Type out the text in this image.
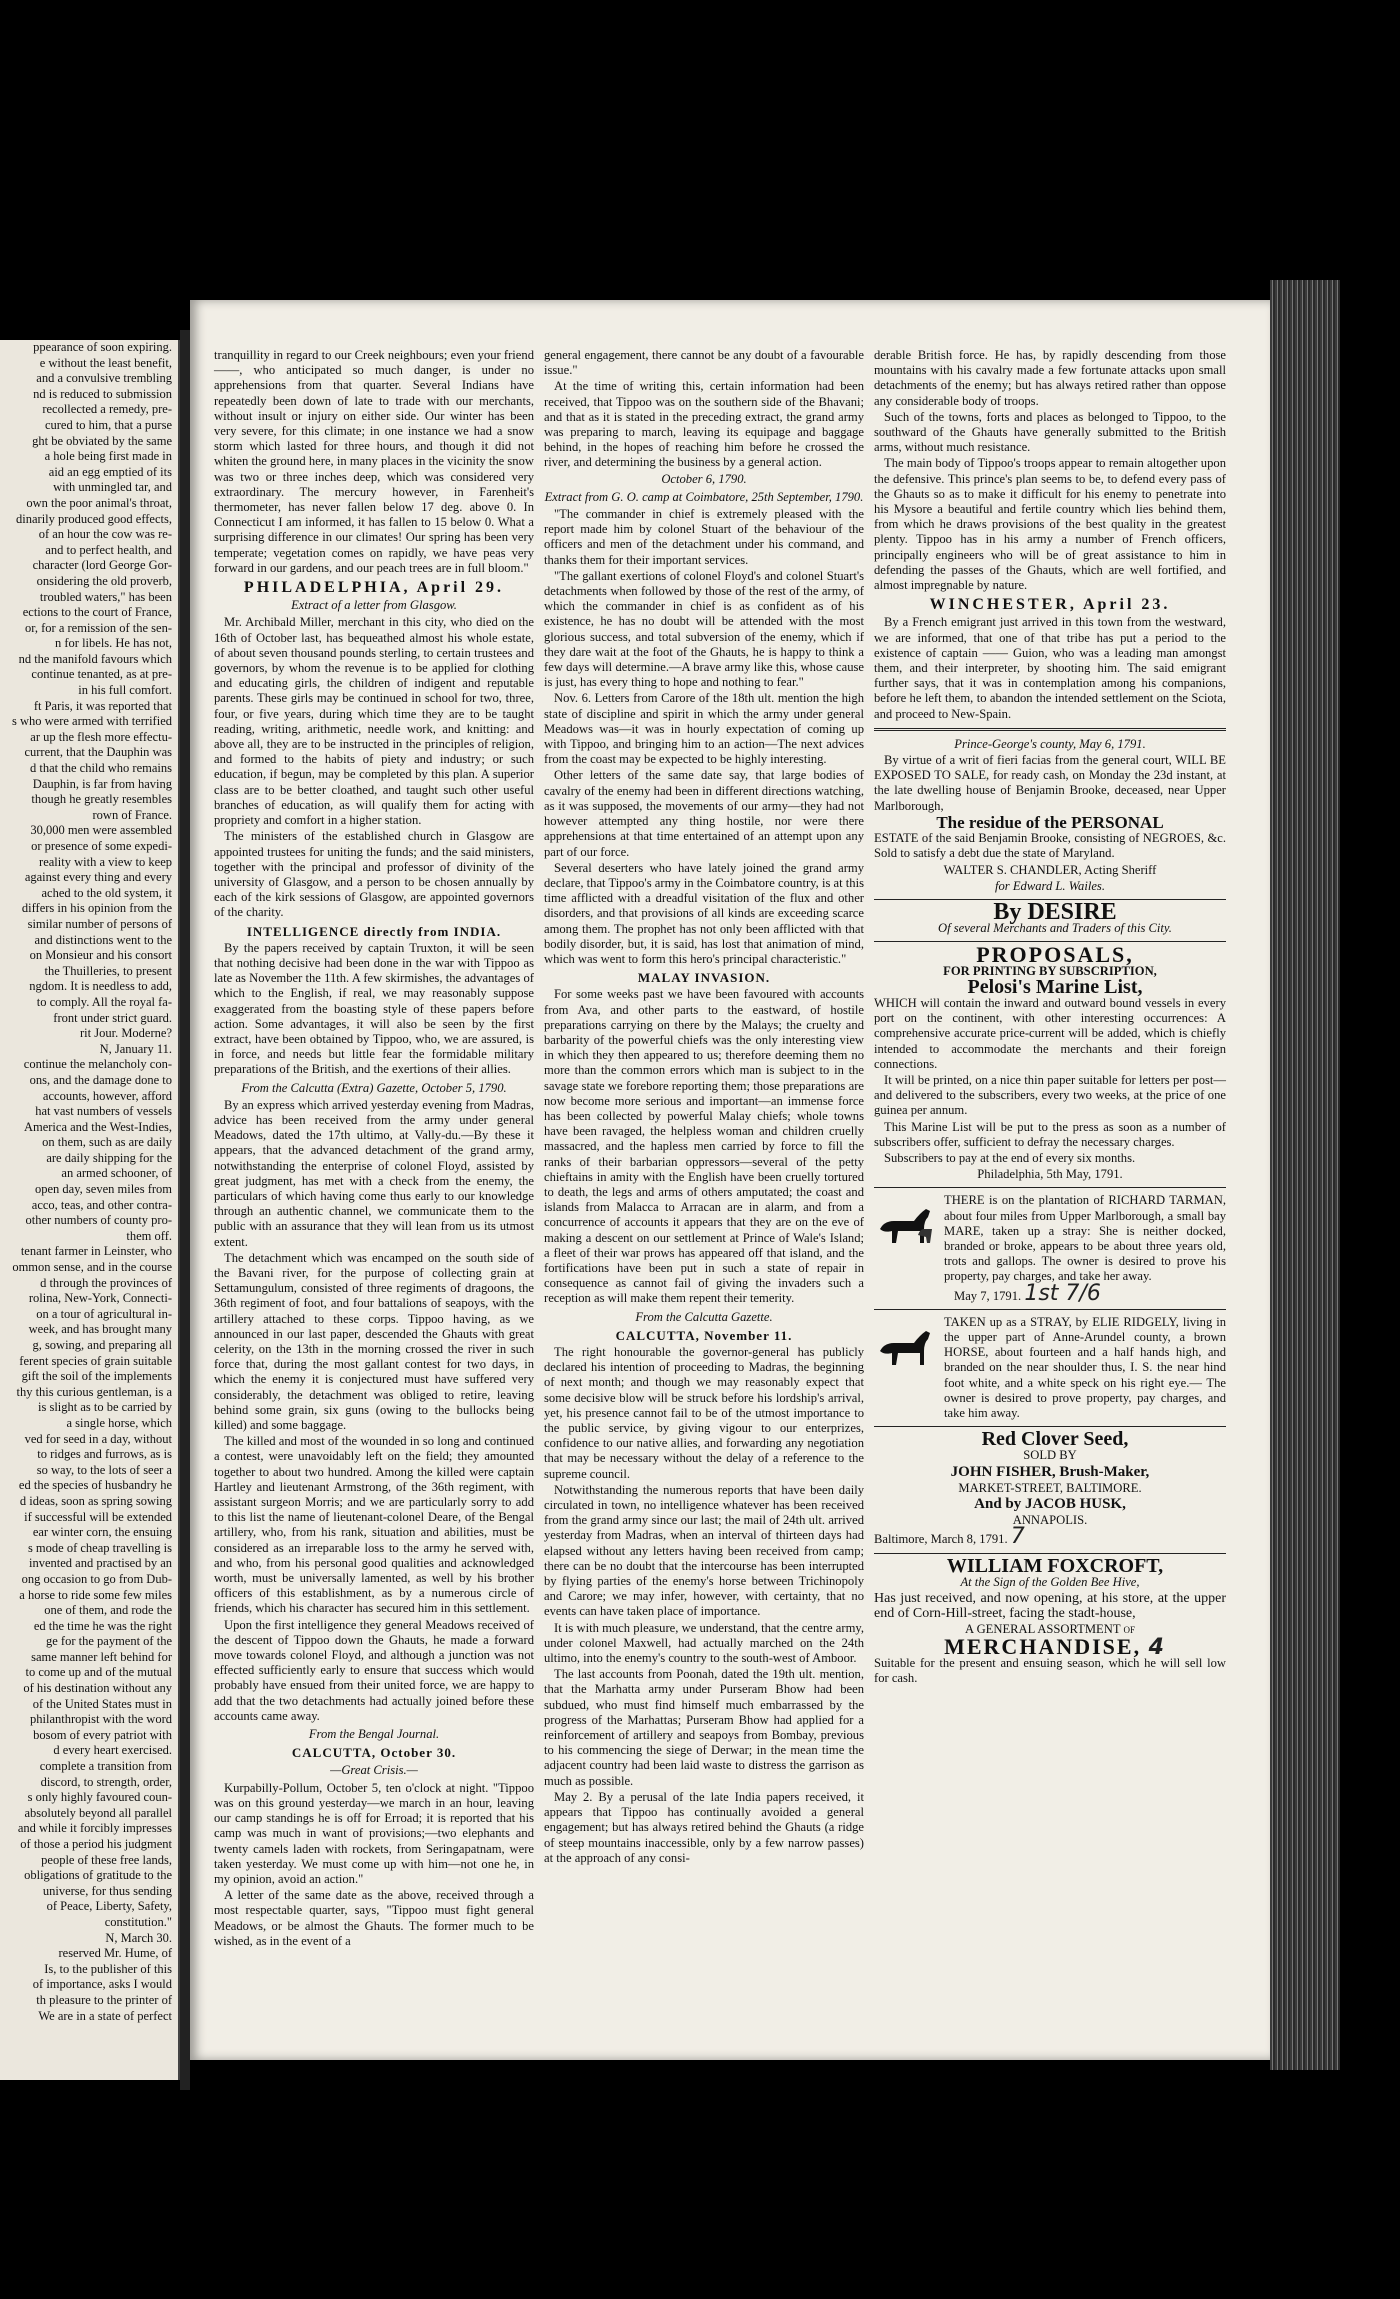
ppearance of soon expiring.

e without the least benefit,

and a convulsive trembling

nd is reduced to submission

recollected a remedy, pre-

cured to him, that a purse

ght be obviated by the same

a hole being first made in

aid an egg emptied of its

with unmingled tar, and

own the poor animal's throat,

dinarily produced good effects,

of an hour the cow was re-

and to perfect health, and

character (lord George Gor-

onsidering the old proverb,

troubled waters," has been

ections to the court of France,

or, for a remission of the sen-

n for libels. He has not,

nd the manifold favours which

continue tenanted, as at pre-

in his full comfort.

ft Paris, it was reported that

s who were armed with terrified

ar up the flesh more effectu-

current, that the Dauphin was

d that the child who remains

Dauphin, is far from having

though he greatly resembles

rown of France.

30,000 men were assembled

or presence of some expedi-

reality with a view to keep

against every thing and every

ached to the old system, it

differs in his opinion from the

similar number of persons of

and distinctions went to the

on Monsieur and his consort

the Thuilleries, to present

ngdom. It is needless to add,

to comply. All the royal fa-

front under strict guard.

rit Jour. Moderne?

N, January 11.

continue the melancholy con-

ons, and the damage done to

accounts, however, afford

hat vast numbers of vessels

America and the West-Indies,

on them, such as are daily

are daily shipping for the

an armed schooner, of

open day, seven miles from

acco, teas, and other contra-

other numbers of county pro-

them off.

tenant farmer in Leinster, who

ommon sense, and in the course

d through the provinces of

rolina, New-York, Connecti-

on a tour of agricultural in-

week, and has brought many

g, sowing, and preparing all

ferent species of grain suitable

gift the soil of the implements

thy this curious gentleman, is a

is slight as to be carried by

a single horse, which

ved for seed in a day, without

to ridges and furrows, as is

so way, to the lots of seer a

ed the species of husbandry he

d ideas, soon as spring sowing

if successful will be extended

ear winter corn, the ensuing

s mode of cheap travelling is

invented and practised by an

ong occasion to go from Dub-

a horse to ride some few miles

one of them, and rode the

ed the time he was the right

ge for the payment of the

same manner left behind for

to come up and of the mutual

of his destination without any

of the United States must in

philanthropist with the word

bosom of every patriot with

d every heart exercised.

complete a transition from

discord, to strength, order,

s only highly favoured coun-

absolutely beyond all parallel

and while it forcibly impresses

of those a period his judgment

people of these free lands,

obligations of gratitude to the

universe, for thus sending

of Peace, Liberty, Safety,

constitution."

N, March 30.

reserved Mr. Hume, of

Is, to the publisher of this

of importance, asks I would

th pleasure to the printer of

We are in a state of perfect

tranquillity in regard to our Creek neighbours; even your friend ——, who anticipated so much danger, is under no apprehensions from that quarter. Several Indians have repeatedly been down of late to trade with our merchants, without insult or injury on either side. Our winter has been very severe, for this climate; in one instance we had a snow storm which lasted for three hours, and though it did not whiten the ground here, in many places in the vicinity the snow was two or three inches deep, which was considered very extraordinary. The mercury however, in Farenheit's thermometer, has never fallen below 17 deg. above 0. In Connecticut I am informed, it has fallen to 15 below 0. What a surprising difference in our climates! Our spring has been very temperate; vegetation comes on rapidly, we have peas very forward in our gardens, and our peach trees are in full bloom."

PHILADELPHIA, April 29.
Extract of a letter from Glasgow.

Mr. Archibald Miller, merchant in this city, who died on the 16th of October last, has bequeathed almost his whole estate, of about seven thousand pounds sterling, to certain trustees and governors, by whom the revenue is to be applied for clothing and educating girls, the children of indigent and reputable parents. These girls may be continued in school for two, three, four, or five years, during which time they are to be taught reading, writing, arithmetic, needle work, and knitting: and above all, they are to be instructed in the principles of religion, and formed to the habits of piety and industry; or such education, if begun, may be completed by this plan. A superior class are to be better cloathed, and taught such other useful branches of education, as will qualify them for acting with propriety and comfort in a higher station.

The ministers of the established church in Glasgow are appointed trustees for uniting the funds; and the said ministers, together with the principal and professor of divinity of the university of Glasgow, and a person to be chosen annually by each of the kirk sessions of Glasgow, are appointed governors of the charity.

INTELLIGENCE directly from INDIA.

By the papers received by captain Truxton, it will be seen that nothing decisive had been done in the war with Tippoo as late as November the 11th. A few skirmishes, the advantages of which to the English, if real, we may reasonably suppose exaggerated from the boasting style of these papers before action. Some advantages, it will also be seen by the first extract, have been obtained by Tippoo, who, we are assured, is in force, and needs but little fear the formidable military preparations of the British, and the exertions of their allies.

From the Calcutta (Extra) Gazette, October 5, 1790.

By an express which arrived yesterday evening from Madras, advice has been received from the army under general Meadows, dated the 17th ultimo, at Vally-du.—By these it appears, that the advanced detachment of the grand army, notwithstanding the enterprise of colonel Floyd, assisted by great judgment, has met with a check from the enemy, the particulars of which having come thus early to our knowledge through an authentic channel, we communicate them to the public with an assurance that they will lean from us its utmost extent.

The detachment which was encamped on the south side of the Bavani river, for the purpose of collecting grain at Settamungulum, consisted of three regiments of dragoons, the 36th regiment of foot, and four battalions of seapoys, with the artillery attached to these corps. Tippoo having, as we announced in our last paper, descended the Ghauts with great celerity, on the 13th in the morning crossed the river in such force that, during the most gallant contest for two days, in which the enemy it is conjectured must have suffered very considerably, the detachment was obliged to retire, leaving behind some grain, six guns (owing to the bullocks being killed) and some baggage.

The killed and most of the wounded in so long and continued a contest, were unavoidably left on the field; they amounted together to about two hundred. Among the killed were captain Hartley and lieutenant Armstrong, of the 36th regiment, with assistant surgeon Morris; and we are particularly sorry to add to this list the name of lieutenant-colonel Deare, of the Bengal artillery, who, from his rank, situation and abilities, must be considered as an irreparable loss to the army he served with, and who, from his personal good qualities and acknowledged worth, must be universally lamented, as well by his brother officers of this establishment, as by a numerous circle of friends, which his character has secured him in this settlement.

Upon the first intelligence they general Meadows received of the descent of Tippoo down the Ghauts, he made a forward move towards colonel Floyd, and although a junction was not effected sufficiently early to ensure that success which would probably have ensued from their united force, we are happy to add that the two detachments had actually joined before these accounts came away.

From the Bengal Journal.
CALCUTTA, October 30.
—Great Crisis.—

Kurpabilly-Pollum, October 5, ten o'clock at night. "Tippoo was on this ground yesterday—we march in an hour, leaving our camp standings he is off for Erroad; it is reported that his camp was much in want of provisions;—two elephants and twenty camels laden with rockets, from Seringapatnam, were taken yesterday. We must come up with him—not one he, in my opinion, avoid an action."

A letter of the same date as the above, received through a most respectable quarter, says, "Tippoo must fight general Meadows, or be almost the Ghauts. The former much to be wished, as in the event of a

general engagement, there cannot be any doubt of a favourable issue."

At the time of writing this, certain information had been received, that Tippoo was on the southern side of the Bhavani; and that as it is stated in the preceding extract, the grand army was preparing to march, leaving its equipage and baggage behind, in the hopes of reaching him before he crossed the river, and determining the business by a general action.

October 6, 1790.

Extract from G. O. camp at Coimbatore, 25th September, 1790.

"The commander in chief is extremely pleased with the report made him by colonel Stuart of the behaviour of the officers and men of the detachment under his command, and thanks them for their important services.

"The gallant exertions of colonel Floyd's and colonel Stuart's detachments when followed by those of the rest of the army, of which the commander in chief is as confident as of his existence, he has no doubt will be attended with the most glorious success, and total subversion of the enemy, which if they dare wait at the foot of the Ghauts, he is happy to think a few days will determine.—A brave army like this, whose cause is just, has every thing to hope and nothing to fear."

Nov. 6. Letters from Carore of the 18th ult. mention the high state of discipline and spirit in which the army under general Meadows was—it was in hourly expectation of coming up with Tippoo, and bringing him to an action—The next advices from the coast may be expected to be highly interesting.

Other letters of the same date say, that large bodies of cavalry of the enemy had been in different directions watching, as it was supposed, the movements of our army—they had not however attempted any thing hostile, nor were there apprehensions at that time entertained of an attempt upon any part of our force.

Several deserters who have lately joined the grand army declare, that Tippoo's army in the Coimbatore country, is at this time afflicted with a dreadful visitation of the flux and other disorders, and that provisions of all kinds are exceeding scarce among them. The prophet has not only been afflicted with that bodily disorder, but, it is said, has lost that animation of mind, which was went to form this hero's principal characteristic."

MALAY INVASION.

For some weeks past we have been favoured with accounts from Ava, and other parts to the eastward, of hostile preparations carrying on there by the Malays; the cruelty and barbarity of the powerful chiefs was the only interesting view in which they then appeared to us; therefore deeming them no more than the common errors which man is subject to in the savage state we forebore reporting them; those preparations are now become more serious and important—an immense force has been collected by powerful Malay chiefs; whole towns have been ravaged, the helpless woman and children cruelly massacred, and the hapless men carried by force to fill the ranks of their barbarian oppressors—several of the petty chieftains in amity with the English have been cruelly tortured to death, the legs and arms of others amputated; the coast and islands from Malacca to Arracan are in alarm, and from a concurrence of accounts it appears that they are on the eve of making a descent on our settlement at Prince of Wale's Island; a fleet of their war prows has appeared off that island, and the fortifications have been put in such a state of repair in consequence as cannot fail of giving the invaders such a reception as will make them repent their temerity.

From the Calcutta Gazette.
CALCUTTA, November 11.

The right honourable the governor-general has publicly declared his intention of proceeding to Madras, the beginning of next month; and though we may reasonably expect that some decisive blow will be struck before his lordship's arrival, yet, his presence cannot fail to be of the utmost importance to the public service, by giving vigour to our enterprizes, confidence to our native allies, and forwarding any negotiation that may be necessary without the delay of a reference to the supreme council.

Notwithstanding the numerous reports that have been daily circulated in town, no intelligence whatever has been received from the grand army since our last; the mail of 24th ult. arrived yesterday from Madras, when an interval of thirteen days had elapsed without any letters having been received from camp; there can be no doubt that the intercourse has been interrupted by flying parties of the enemy's horse between Trichinopoly and Carore; we may infer, however, with certainty, that no events can have taken place of importance.

It is with much pleasure, we understand, that the centre army, under colonel Maxwell, had actually marched on the 24th ultimo, into the enemy's country to the south-west of Amboor.

The last accounts from Poonah, dated the 19th ult. mention, that the Marhatta army under Purseram Bhow had been subdued, who must find himself much embarrassed by the progress of the Marhattas; Purseram Bhow had applied for a reinforcement of artillery and seapoys from Bombay, previous to his commencing the siege of Derwar; in the mean time the adjacent country had been laid waste to distress the garrison as much as possible.

May 2. By a perusal of the late India papers received, it appears that Tippoo has continually avoided a general engagement; but has always retired behind the Ghauts (a ridge of steep mountains inaccessible, only by a few narrow passes) at the approach of any consi-

derable British force. He has, by rapidly descending from those mountains with his cavalry made a few fortunate attacks upon small detachments of the enemy; but has always retired rather than oppose any considerable body of troops.

Such of the towns, forts and places as belonged to Tippoo, to the southward of the Ghauts have generally submitted to the British arms, without much resistance.

The main body of Tippoo's troops appear to remain altogether upon the defensive. This prince's plan seems to be, to defend every pass of the Ghauts so as to make it difficult for his enemy to penetrate into his Mysore a beautiful and fertile country which lies behind them, from which he draws provisions of the best quality in the greatest plenty. Tippoo has in his army a number of French officers, principally engineers who will be of great assistance to him in defending the passes of the Ghauts, which are well fortified, and almost impregnable by nature.

WINCHESTER, April 23.

By a French emigrant just arrived in this town from the westward, we are informed, that one of that tribe has put a period to the existence of captain —— Guion, who was a leading man amongst them, and their interpreter, by shooting him. The said emigrant further says, that it was in contemplation among his companions, before he left them, to abandon the intended settlement on the Sciota, and proceed to New-Spain.

Prince-George's county, May 6, 1791.

By virtue of a writ of fieri facias from the general court, WILL BE EXPOSED TO SALE, for ready cash, on Monday the 23d instant, at the late dwelling house of Benjamin Brooke, deceased, near Upper Marlborough,

The residue of the PERSONAL

ESTATE of the said Benjamin Brooke, consisting of NEGROES, &c. Sold to satisfy a debt due the state of Maryland.

WALTER S. CHANDLER, Acting Sheriff

for Edward L. Wailes.

By DESIRE

Of several Merchants and Traders of this City.

PROPOSALS,

FOR PRINTING BY SUBSCRIPTION,

Pelosi's Marine List,

WHICH will contain the inward and outward bound vessels in every port on the continent, with other interesting occurrences: A comprehensive accurate price-current will be added, which is chiefly intended to accommodate the merchants and their foreign connections.

It will be printed, on a nice thin paper suitable for letters per post—and delivered to the subscribers, every two weeks, at the price of one guinea per annum.

This Marine List will be put to the press as soon as a number of subscribers offer, sufficient to defray the necessary charges.

Subscribers to pay at the end of every six months.

Philadelphia, 5th May, 1791.

THERE is on the plantation of RICHARD TARMAN, about four miles from Upper Marlborough, a small bay MARE, taken up a stray: She is neither docked, branded or broke, appears to be about three years old, trots and gallops. The owner is desired to prove his property, pay charges, and take her away.

May 7, 1791. 1st 7/6

TAKEN up as a STRAY, by ELIE RIDGELY, living in the upper part of Anne-Arundel county, a brown HORSE, about fourteen and a half hands high, and branded on the near shoulder thus, I. S. the near hind foot white, and a white speck on his right eye.— The owner is desired to prove property, pay charges, and take him away.

Red Clover Seed,

SOLD BY

JOHN FISHER, Brush-Maker,

MARKET-STREET, BALTIMORE.

And by JACOB HUSK,

ANNAPOLIS.

Baltimore, March 8, 1791. 7

WILLIAM FOXCROFT,

At the Sign of the Golden Bee Hive,

Has just received, and now opening, at his store, at the upper end of Corn-Hill-street, facing the stadt-house,

A GENERAL ASSORTMENT of

MERCHANDISE, 4

Suitable for the present and ensuing season, which he will sell low for cash.
